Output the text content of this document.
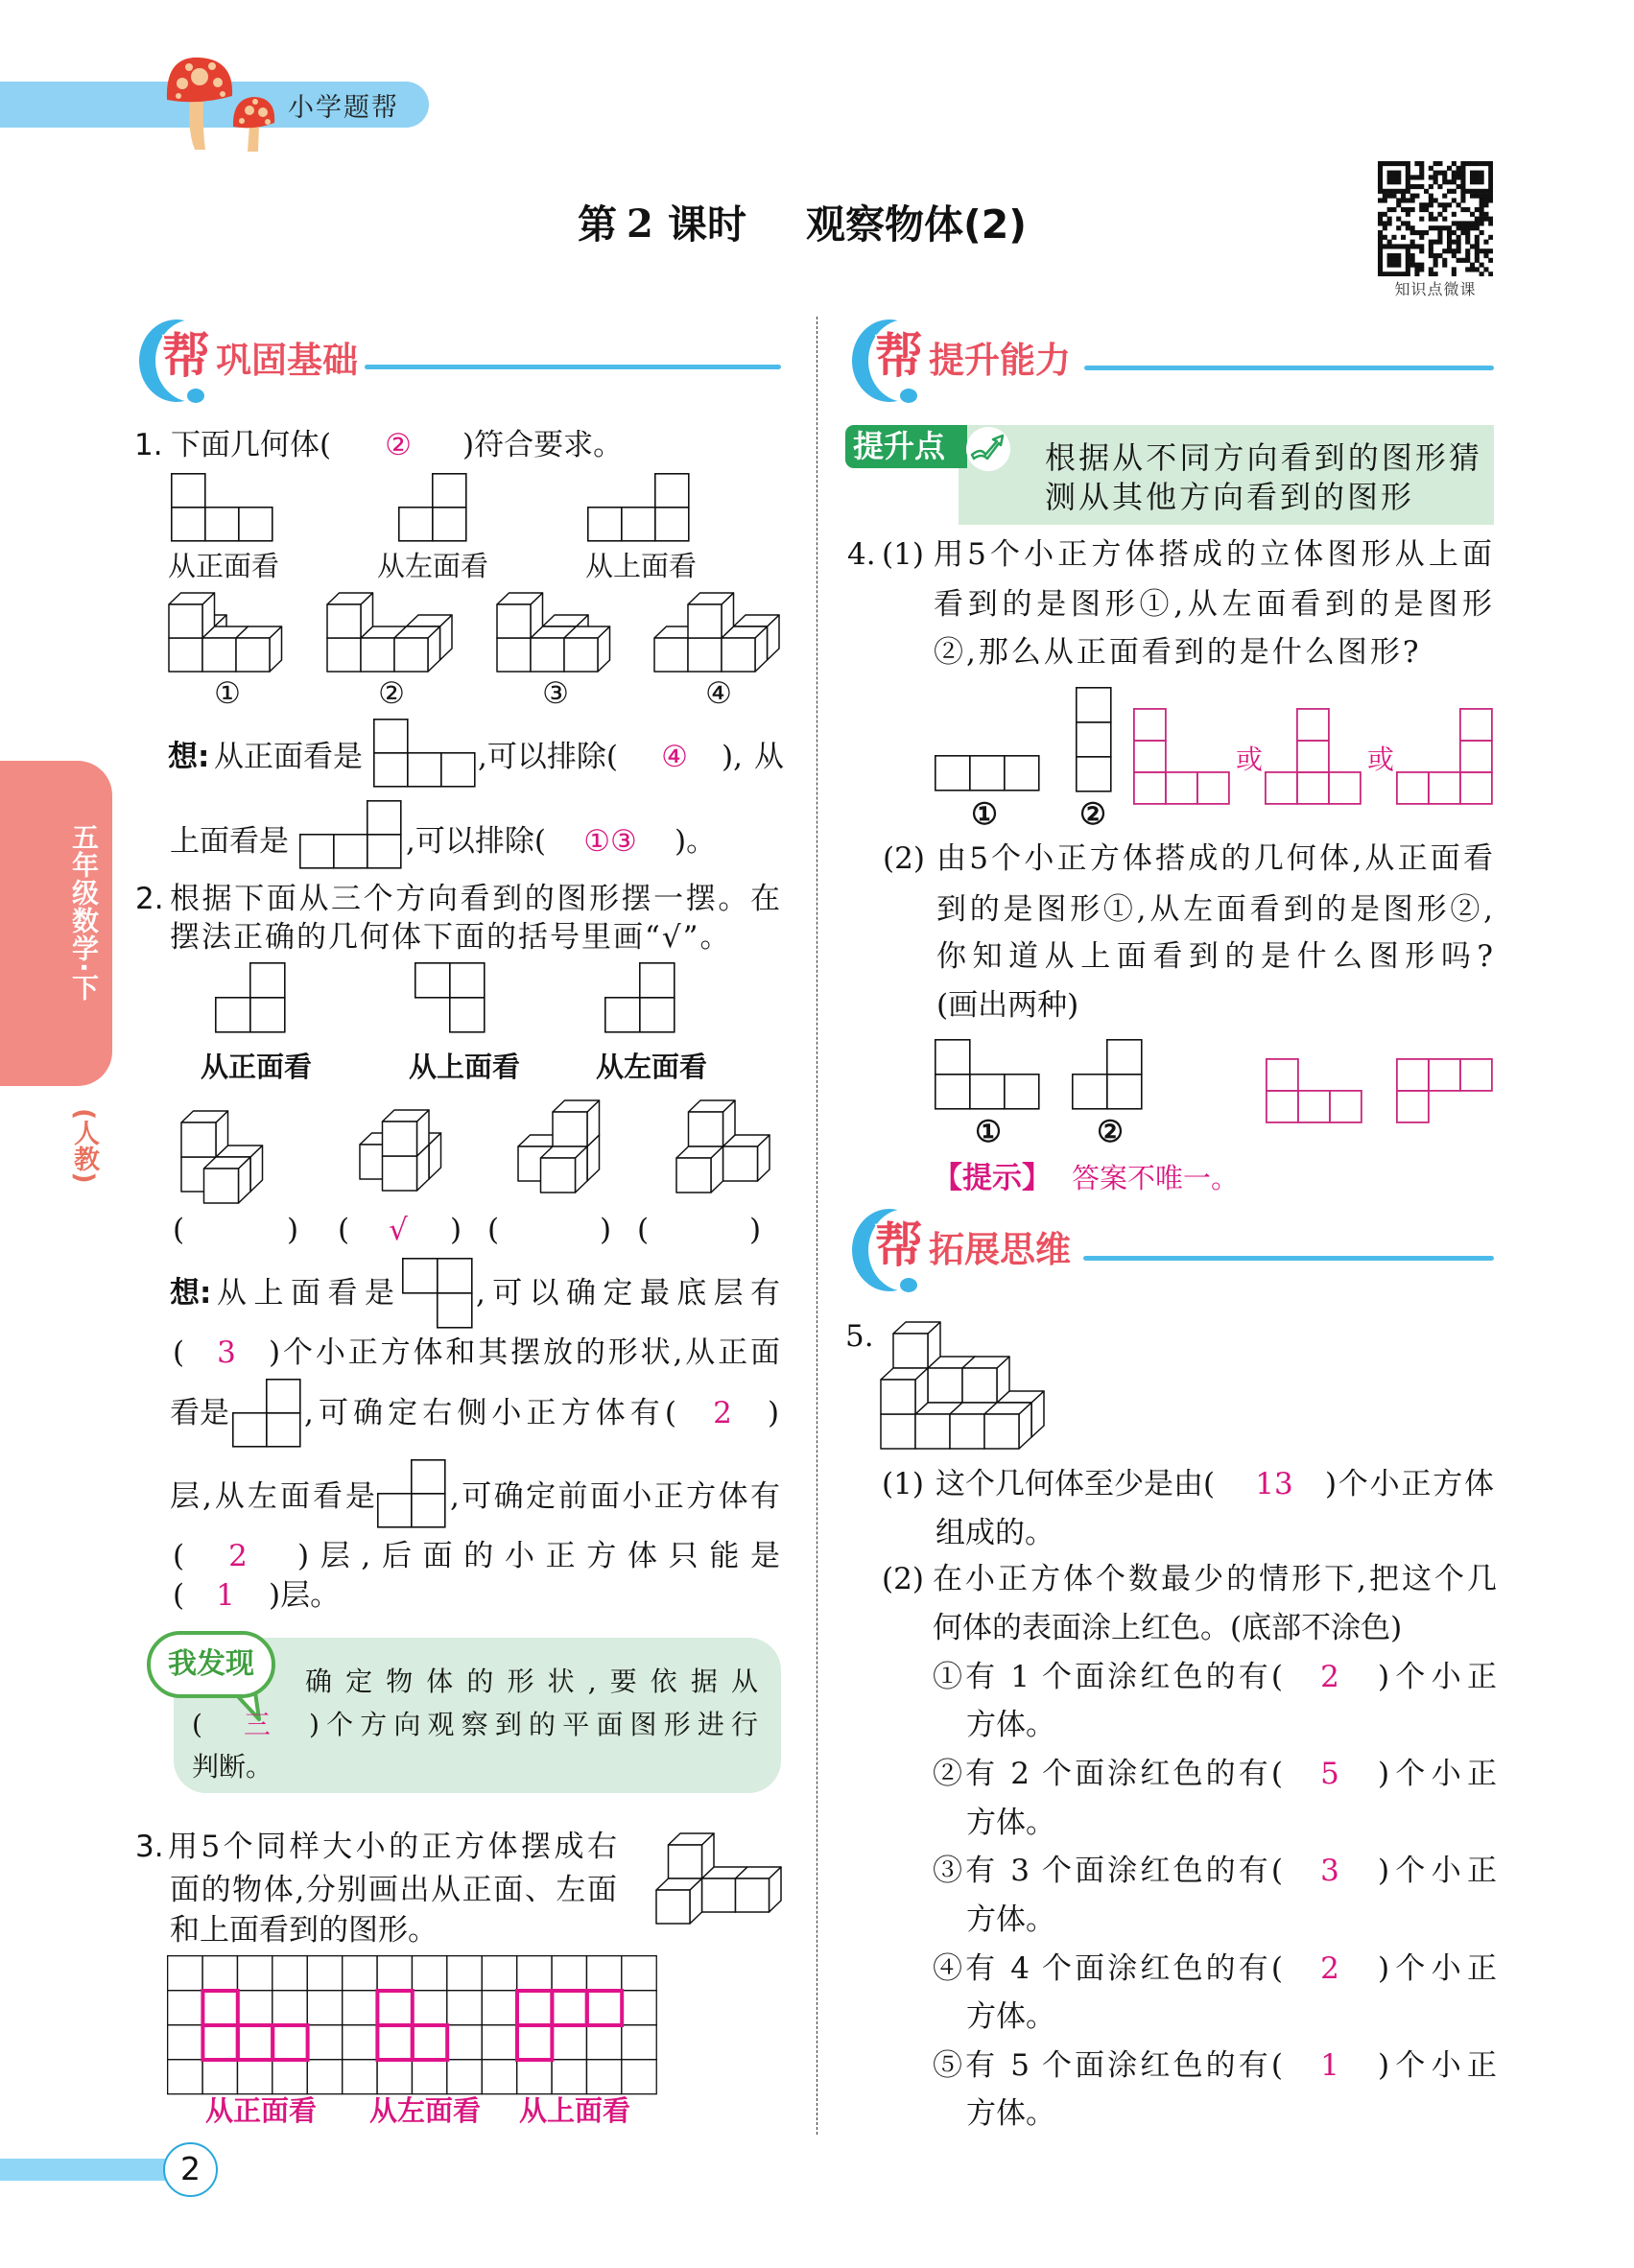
小学题帮
第 2 课时 观察物体(2)
知识点微课
五年级数学·下
(人教)
帮 巩固基础
1. 下面几何体( ② )符合要求。
从正面看	从左面看	从上面看
①	②	③	④
想: 从正面看是	,可以排除( ④ ),从
上面看是	,可以排除( ①③ )。
2. 根据下面从三个方向看到的图形摆一摆。在
摆法正确的几何体下面的括号里画“√”。
从正面看	从上面看	从左面看
(	) ( √ ) (	) (	)
想: 从上面看是	,可以确定最底层有
( 3 )个小正方体和其摆放的形状,从正面
看是	,可确定右侧小正方体有( 2 )
层,从左面看是	,可确定前面小正方体有
( 2 )层,后面的小正方体只能是
( 1 )层。
我发现
确定物体的形状,要依据从
( 三 )个方向观察到的平面图形进行
判断。
3. 用5个同样大小的正方体摆成右
面的物体,分别画出从正面、左面
和上面看到的图形。
从正面看 从左面看 从上面看
帮 提升能力
提升点	根据从不同方向看到的图形猜
测从其他方向看到的图形
4. (1) 用5个小正方体搭成的立体图形从上面
看到的是图形①,从左面看到的是图形
②,那么从正面看到的是什么图形?
①	②
或	或
(2) 由5个小正方体搭成的几何体,从正面看
到的是图形①,从左面看到的是图形②,
你知道从上面看到的是什么图形吗?
(画出两种)
①	②
【提示】 答案不唯一。
帮 拓展思维
5.
(1) 这个几何体至少是由( 13 )个小正方体
组成的。
(2) 在小正方体个数最少的情形下,把这个几
何体的表面涂上红色。(底部不涂色)
①有 1 个面涂红色的有( 2 )个小正
方体。
②有 2 个面涂红色的有( 5 )个小正
方体。
③有 3 个面涂红色的有( 3 )个小正
方体。
④有 4 个面涂红色的有( 2 )个小正
方体。
⑤有 5 个面涂红色的有( 1 )个小正
方体。
2
